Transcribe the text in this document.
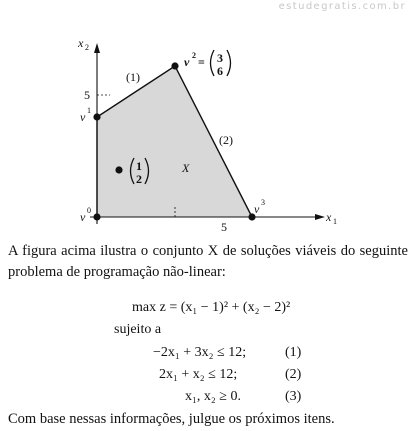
estudegratis.com.br
x 2
x 1
5
5
v 0
v 1
v 3
v 2 = 3
6
(1)
(2)
X
1
2
A figura acima ilustra o conjunto X de soluções viáveis do seguinte problema de programação não-linear:
max z = (x₁ − 1)² + (x₂ − 2)²
sujeito a
−2x₁ + 3x₂ ≤ 12;	(1)
2x₁ + x₂ ≤ 12;	(2)
x₁, x₂ ≥ 0.	(3)
Com base nessas informações, julgue os próximos itens.
